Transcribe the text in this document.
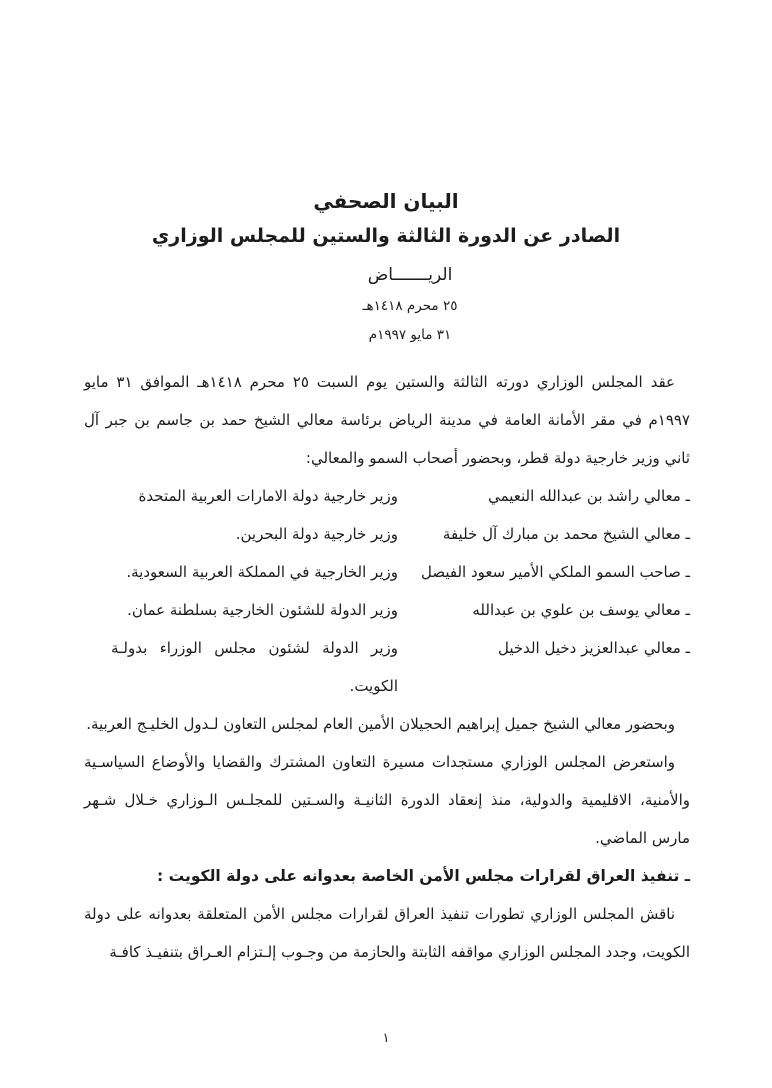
البيان الصحفي
الصادر عن الدورة الثالثة والستين للمجلس الوزاري
الريـــــــاض
٢٥ محرم ١٤١٨هـ
٣١ مايو ١٩٩٧م

عقد المجلس الوزاري دورته الثالثة والستين يوم السبت ٢٥ محرم ١٤١٨هـ الموافق ٣١ مايو ١٩٩٧م في مقر الأمانة العامة في مدينة الرياض برئاسة معالي الشيخ حمد بن جاسم بن جبر آل ثاني وزير خارجية دولة قطر، وبحضور أصحاب السمو والمعالي:

ـ معالي راشد بن عبدالله النعيمي
وزير خارجية دولة الامارات العربية المتحدة
ـ معالي الشيخ محمد بن مبارك آل خليفة
وزير خارجية دولة البحرين.
ـ صاحب السمو الملكي الأمير سعود الفيصل
وزير الخارجية في المملكة العربية السعودية.
ـ معالي يوسف بن علوي بن عبدالله
وزير الدولة للشئون الخارجية بسلطنة عمان.
ـ معالي عبدالعزيز دخيل الدخيل
وزير الدولة لشئون مجلس الوزراء بدولـة الكويت.

وبحضور معالي الشيخ جميل إبراهيم الحجيلان الأمين العام لمجلس التعاون لـدول الخليـج العربية.

واستعرض المجلس الوزاري مستجدات مسيرة التعاون المشترك والقضايا والأوضاع السياسـية والأمنية، الاقليمية والدولية، منذ إنعقاد الدورة الثانيـة والسـتين للمجلـس الـوزاري خـلال شـهر مارس الماضي.

ـ تنفيذ العراق لقرارات مجلس الأمن الخاصة بعدوانه على دولة الكويت :

ناقش المجلس الوزاري تطورات تنفيذ العراق لقرارات مجلس الأمن المتعلقة بعدوانه على دولة الكويت، وجدد المجلس الوزاري مواقفه الثابتة والحازمة من وجـوب إلـتزام العـراق بتنفيـذ كافـة

١
